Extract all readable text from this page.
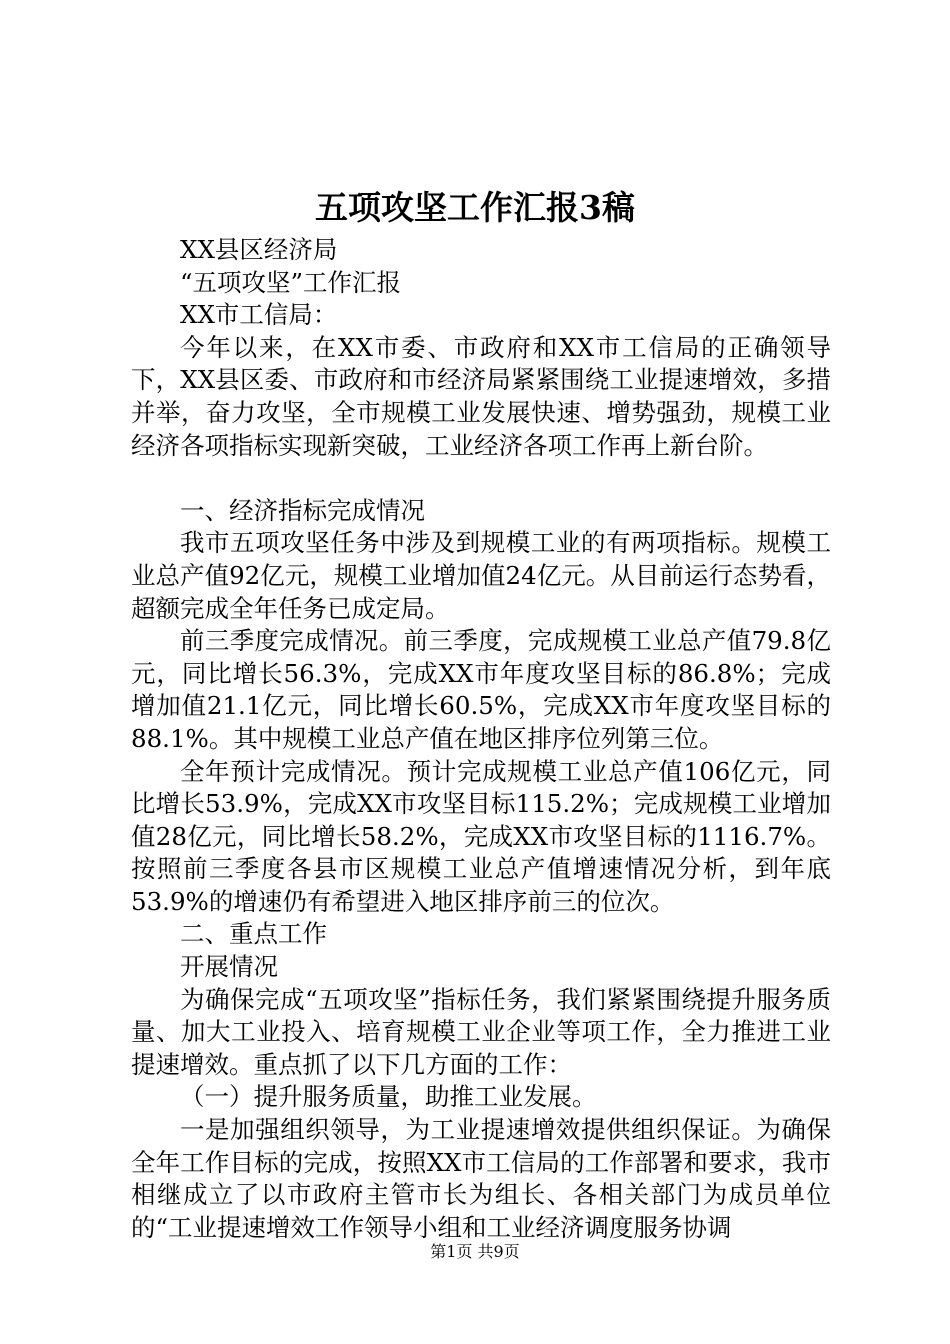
五项攻坚工作汇报3稿

XX县区经济局

“五项攻坚”工作汇报

XX市工信局：

今年以来，在XX市委、市政府和XX市工信局的正确领导下，XX县区委、市政府和市经济局紧紧围绕工业提速增效，多措并举，奋力攻坚，全市规模工业发展快速、增势强劲，规模工业经济各项指标实现新突破，工业经济各项工作再上新台阶。

一、经济指标完成情况

我市五项攻坚任务中涉及到规模工业的有两项指标。规模工业总产值92亿元，规模工业增加值24亿元。从目前运行态势看，超额完成全年任务已成定局。

前三季度完成情况。前三季度，完成规模工业总产值79.8亿元，同比增长56.3%，完成XX市年度攻坚目标的86.8%；完成增加值21.1亿元，同比增长60.5%，完成XX市年度攻坚目标的88.1%。其中规模工业总产值在地区排序位列第三位。

全年预计完成情况。预计完成规模工业总产值106亿元，同比增长53.9%，完成XX市攻坚目标115.2%；完成规模工业增加值28亿元，同比增长58.2%，完成XX市攻坚目标的1116.7%。按照前三季度各县市区规模工业总产值增速情况分析，到年底53.9%的增速仍有希望进入地区排序前三的位次。

二、重点工作

开展情况

为确保完成“五项攻坚”指标任务，我们紧紧围绕提升服务质量、加大工业投入、培育规模工业企业等项工作，全力推进工业提速增效。重点抓了以下几方面的工作：

（一）提升服务质量，助推工业发展。

一是加强组织领导，为工业提速增效提供组织保证。为确保全年工作目标的完成，按照XX市工信局的工作部署和要求，我市相继成立了以市政府主管市长为组长、各相关部门为成员单位的“工业提速增效工作领导小组和工业经济调度服务协调

第1页 共9页
